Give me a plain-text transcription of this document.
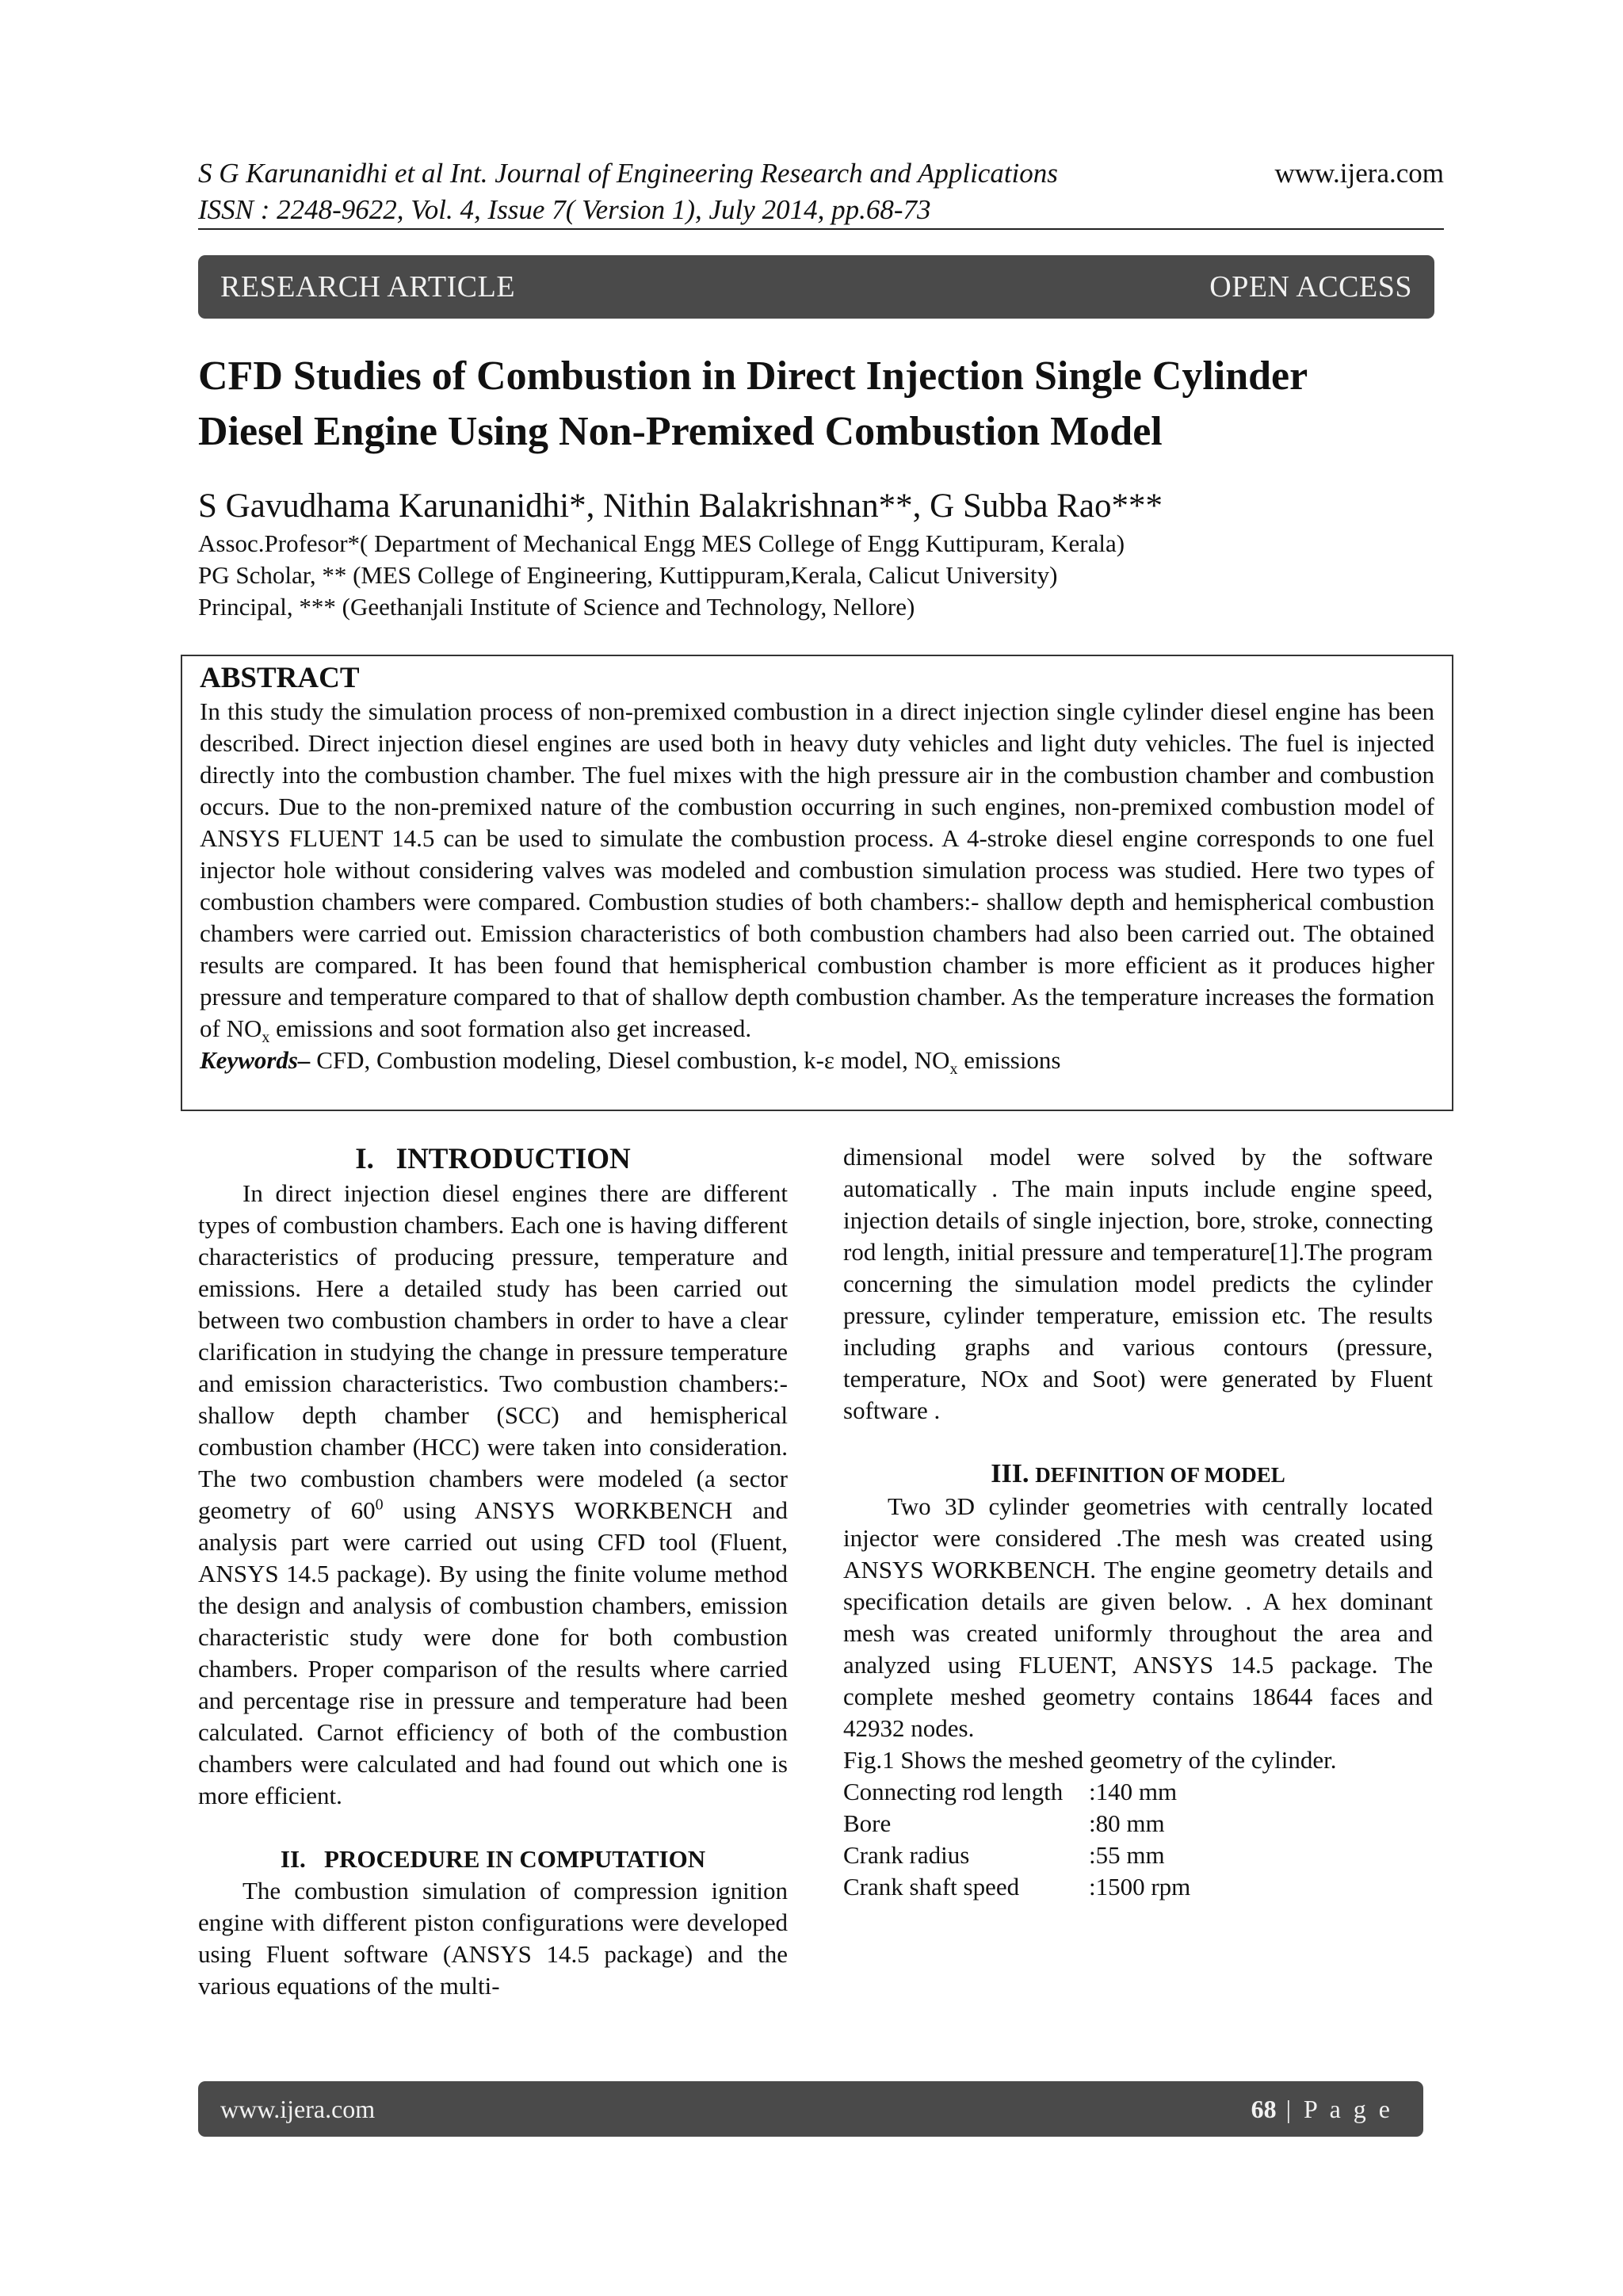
S G Karunanidhi et al Int. Journal of Engineering Research and Applications
ISSN : 2248-9622, Vol. 4, Issue 7( Version 1), July 2014, pp.68-73
www.ijera.com
RESEARCH ARTICLE	OPEN ACCESS
CFD Studies of Combustion in Direct Injection Single Cylinder
Diesel Engine Using Non-Premixed Combustion Model
S Gavudhama Karunanidhi*, Nithin Balakrishnan**, G Subba Rao***
Assoc.Profesor*( Department of Mechanical Engg MES College of Engg Kuttipuram, Kerala)
PG Scholar, ** (MES College of Engineering, Kuttippuram,Kerala, Calicut University)
Principal, *** (Geethanjali Institute of Science and Technology, Nellore)
ABSTRACT
In this study the simulation process of non-premixed combustion in a direct injection single cylinder diesel engine has been described. Direct injection diesel engines are used both in heavy duty vehicles and light duty vehicles. The fuel is injected directly into the combustion chamber. The fuel mixes with the high pressure air in the combustion chamber and combustion occurs. Due to the non-premixed nature of the combustion occurring in such engines, non-premixed combustion model of ANSYS FLUENT 14.5 can be used to simulate the combustion process. A 4-stroke diesel engine corresponds to one fuel injector hole without considering valves was modeled and combustion simulation process was studied. Here two types of combustion chambers were compared. Combustion studies of both chambers:- shallow depth and hemispherical combustion chambers were carried out. Emission characteristics of both combustion chambers had also been carried out. The obtained results are compared. It has been found that hemispherical combustion chamber is more efficient as it produces higher pressure and temperature compared to that of shallow depth combustion chamber. As the temperature increases the formation of $NO_x$ emissions and soot formation also get increased.
Keywords– CFD, Combustion modeling, Diesel combustion, k-ε model, $NO_x$ emissions
I. INTRODUCTION

In direct injection diesel engines there are different types of combustion chambers. Each one is having different characteristics of producing pressure, temperature and emissions. Here a detailed study has been carried out between two combustion chambers in order to have a clear clarification in studying the change in pressure temperature and emission characteristics. Two combustion chambers:- shallow depth chamber (SCC) and hemispherical combustion chamber (HCC) were taken into consideration. The two combustion chambers were modeled (a sector geometry of $60^0$ using ANSYS WORKBENCH and analysis part were carried out using CFD tool (Fluent, ANSYS 14.5 package). By using the finite volume method the design and analysis of combustion chambers, emission characteristic study were done for both combustion chambers. Proper comparison of the results where carried and percentage rise in pressure and temperature had been calculated. Carnot efficiency of both of the combustion chambers were calculated and had found out which one is more efficient.

II. PROCEDURE IN COMPUTATION

The combustion simulation of compression ignition engine with different piston configurations were developed using Fluent software (ANSYS 14.5 package) and the various equations of the multi-

dimensional model were solved by the software automatically . The main inputs include engine speed, injection details of single injection, bore, stroke, connecting rod length, initial pressure and temperature[1].The program concerning the simulation model predicts the cylinder pressure, cylinder temperature, emission etc. The results including graphs and various contours (pressure, temperature, NOx and Soot) were generated by Fluent software .

III. DEFINITION OF MODEL

Two 3D cylinder geometries with centrally located injector were considered .The mesh was created using ANSYS WORKBENCH. The engine geometry details and specification details are given below. . A hex dominant mesh was created uniformly throughout the area and analyzed using FLUENT, ANSYS 14.5 package. The complete meshed geometry contains 18644 faces and 42932 nodes.

Fig.1 Shows the meshed geometry of the cylinder.

Connecting rod length	:140 mm
Bore	:80 mm
Crank radius	:55 mm
Crank shaft speed	:1500 rpm
www.ijera.com	68 | P a g e
